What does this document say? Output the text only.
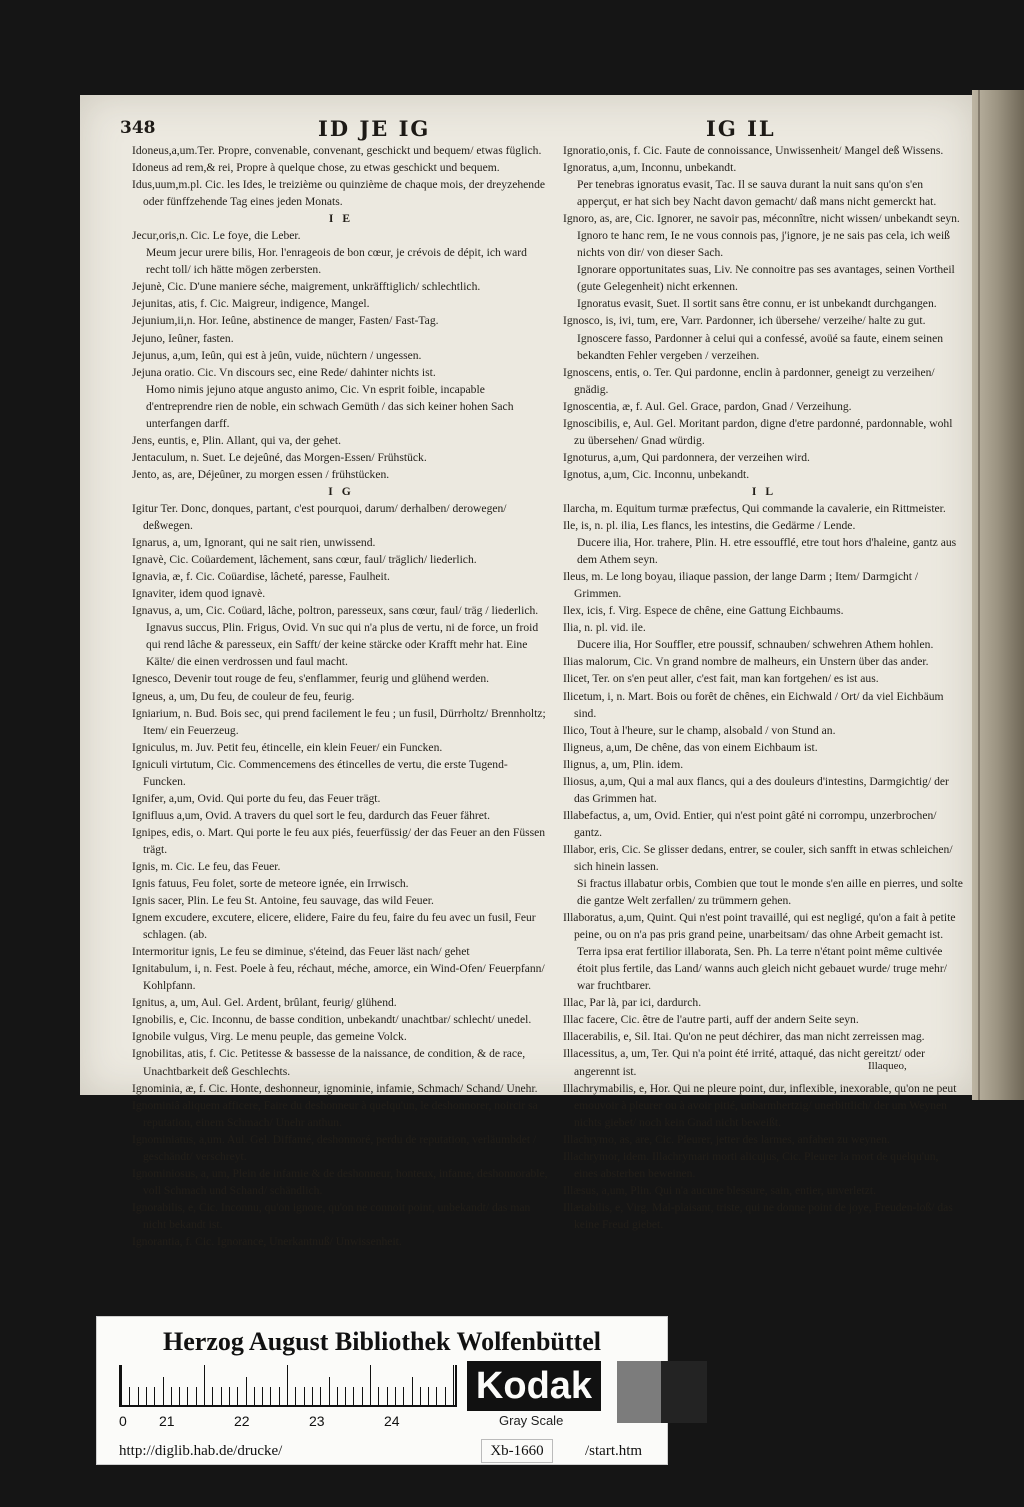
348	ID JE IG	IG IL

Idoneus,a,um.Ter. Propre, convenable, convenant, geschickt und bequem/ etwas füglich.

Idoneus ad rem,& rei, Propre à quelque chose, zu etwas geschickt und bequem.

Idus,uum,m.pl. Cic. les Ides, le treizième ou quinzième de chaque mois, der dreyzehende oder fünffzehende Tag eines jeden Monats.

I E

Jecur,oris,n. Cic. Le foye, die Leber.

Meum jecur urere bilis, Hor. l'enrageois de bon cœur, je crévois de dépit, ich ward recht toll/ ich hätte mögen zerbersten.

Jejunè, Cic. D'une maniere séche, maigrement, unkräfftiglich/ schlechtlich.

Jejunitas, atis, f. Cic. Maigreur, indigence, Mangel.

Jejunium,ii,n. Hor. Ieûne, abstinence de manger, Fasten/ Fast-Tag.

Jejuno, Ieûner, fasten.

Jejunus, a,um, Ieûn, qui est à jeûn, vuide, nüchtern / ungessen.

Jejuna oratio. Cic. Vn discours sec, eine Rede/ dahinter nichts ist.

Homo nimis jejuno atque angusto animo, Cic. Vn esprit foible, incapable d'entreprendre rien de noble, ein schwach Gemüth / das sich keiner hohen Sach unterfangen darff.

Jens, euntis, e, Plin. Allant, qui va, der gehet.

Jentaculum, n. Suet. Le dejeûné, das Morgen-Essen/ Frühstück.

Jento, as, are, Déjeûner, zu morgen essen / frühstücken.

I G

Igitur Ter. Donc, donques, partant, c'est pourquoi, darum/ derhalben/ derowegen/ deßwegen.

Ignarus, a, um, Ignorant, qui ne sait rien, unwissend.

Ignavè, Cic. Coüardement, lâchement, sans cœur, faul/ träglich/ liederlich.

Ignavia, æ, f. Cic. Coüardise, lâcheté, paresse, Faulheit.

Ignaviter, idem quod ignavè.

Ignavus, a, um, Cic. Coüard, lâche, poltron, paresseux, sans cœur, faul/ träg / liederlich.

Ignavus succus, Plin. Frigus, Ovid. Vn suc qui n'a plus de vertu, ni de force, un froid qui rend lâche & paresseux, ein Safft/ der keine stärcke oder Krafft mehr hat. Eine Kälte/ die einen verdrossen und faul macht.

Ignesco, Devenir tout rouge de feu, s'enflammer, feurig und glühend werden.

Igneus, a, um, Du feu, de couleur de feu, feurig.

Igniarium, n. Bud. Bois sec, qui prend facilement le feu ; un fusil, Dürrholtz/ Brennholtz; Item/ ein Feuerzeug.

Igniculus, m. Juv. Petit feu, étincelle, ein klein Feuer/ ein Funcken.

Igniculi virtutum, Cic. Commencemens des étincelles de vertu, die erste Tugend-Funcken.

Ignifer, a,um, Ovid. Qui porte du feu, das Feuer trägt.

Ignifluus a,um, Ovid. A travers du quel sort le feu, dardurch das Feuer fähret.

Ignipes, edis, o. Mart. Qui porte le feu aux piés, feuerfüssig/ der das Feuer an den Füssen trägt.

Ignis, m. Cic. Le feu, das Feuer.

Ignis fatuus, Feu folet, sorte de meteore ignée, ein Irrwisch.

Ignis sacer, Plin. Le feu St. Antoine, feu sauvage, das wild Feuer.

Ignem excudere, excutere, elicere, elidere, Faire du feu, faire du feu avec un fusil, Feur schlagen. (ab.

Intermoritur ignis, Le feu se diminue, s'éteind, das Feuer läst nach/ gehet

Ignitabulum, i, n. Fest. Poele à feu, réchaut, méche, amorce, ein Wind-Ofen/ Feuerpfann/ Kohlpfann.

Ignitus, a, um, Aul. Gel. Ardent, brûlant, feurig/ glühend.

Ignobilis, e, Cic. Inconnu, de basse condition, unbekandt/ unachtbar/ schlecht/ unedel.

Ignobile vulgus, Virg. Le menu peuple, das gemeine Volck.

Ignobilitas, atis, f. Cic. Petitesse & bassesse de la naissance, de condition, & de race, Unachtbarkeit deß Geschlechts.

Ignominia, æ, f. Cic. Honte, deshonneur, ignominie, infamie, Schmach/ Schand/ Unehr.

Ignominiâ aliquem afficere, Faire du deshonneur à quelqu'un, le deshonnorer, noircir sa reputation, einem Schmach/ Unehr anthun.

Ignominiatus, a,um. Aul. Gel. Diffamé, deshonnoré, perdu de reputation, verläumbdet / geschändt/ verschreyt.

Ignominiosus, a, um, Plein de infamie & de deshonneur, honteux, infame, deshonnorable, voll Schmach und Schand/ schändlich.

Ignorabilis, e, Cic. Inconnu, qu'on ignore, qu'on ne connoit point, unbekandt/ das man nicht bekandt ist.

Ignorantia, f. Cic. Ignorance, Unerkantnuß/ Unwissenheit.

Ignoratio,onis, f. Cic. Faute de connoissance, Unwissenheit/ Mangel deß Wissens.

Ignoratus, a,um, Inconnu, unbekandt.

Per tenebras ignoratus evasit, Tac. Il se sauva durant la nuit sans qu'on s'en apperçut, er hat sich bey Nacht davon gemacht/ daß mans nicht gemerckt hat.

Ignoro, as, are, Cic. Ignorer, ne savoir pas, méconnître, nicht wissen/ unbekandt seyn.

Ignoro te hanc rem, Ie ne vous connois pas, j'ignore, je ne sais pas cela, ich weiß nichts von dir/ von dieser Sach.

Ignorare opportunitates suas, Liv. Ne connoitre pas ses avantages, seinen Vortheil (gute Gelegenheit) nicht erkennen.

Ignoratus evasit, Suet. Il sortit sans être connu, er ist unbekandt durchgangen.

Ignosco, is, ivi, tum, ere, Varr. Pardonner, ich übersehe/ verzeihe/ halte zu gut.

Ignoscere fasso, Pardonner à celui qui a confessé, avoüé sa faute, einem seinen bekandten Fehler vergeben / verzeihen.

Ignoscens, entis, o. Ter. Qui pardonne, enclin à pardonner, geneigt zu verzeihen/ gnädig.

Ignoscentia, æ, f. Aul. Gel. Grace, pardon, Gnad / Verzeihung.

Ignoscibilis, e, Aul. Gel. Moritant pardon, digne d'etre pardonné, pardonnable, wohl zu übersehen/ Gnad würdig.

Ignoturus, a,um, Qui pardonnera, der verzeihen wird.

Ignotus, a,um, Cic. Inconnu, unbekandt.

I L

Ilarcha, m. Equitum turmæ præfectus, Qui commande la cavalerie, ein Rittmeister.

Ile, is, n. pl. ilia, Les flancs, les intestins, die Gedärme / Lende.

Ducere ilia, Hor. trahere, Plin. H. etre essoufflé, etre tout hors d'haleine, gantz aus dem Athem seyn.

Ileus, m. Le long boyau, iliaque passion, der lange Darm ; Item/ Darmgicht / Grimmen.

Ilex, icis, f. Virg. Espece de chêne, eine Gattung Eichbaums.

Ilia, n. pl. vid. ile.

Ducere ilia, Hor Souffler, etre poussif, schnauben/ schwehren Athem hohlen.

Ilias malorum, Cic. Vn grand nombre de malheurs, ein Unstern über das ander.

Ilicet, Ter. on s'en peut aller, c'est fait, man kan fortgehen/ es ist aus.

Ilicetum, i, n. Mart. Bois ou forêt de chênes, ein Eichwald / Ort/ da viel Eichbäum sind.

Ilico, Tout à l'heure, sur le champ, alsobald / von Stund an.

Iligneus, a,um, De chêne, das von einem Eichbaum ist.

Ilignus, a, um, Plin. idem.

Iliosus, a,um, Qui a mal aux flancs, qui a des douleurs d'intestins, Darmgichtig/ der das Grimmen hat.

Illabefactus, a, um, Ovid. Entier, qui n'est point gâté ni corrompu, unzerbrochen/ gantz.

Illabor, eris, Cic. Se glisser dedans, entrer, se couler, sich sanfft in etwas schleichen/ sich hinein lassen.

Si fractus illabatur orbis, Combien que tout le monde s'en aille en pierres, und solte die gantze Welt zerfallen/ zu trümmern gehen.

Illaboratus, a,um, Quint. Qui n'est point travaillé, qui est negligé, qu'on a fait à petite peine, ou on n'a pas pris grand peine, unarbeitsam/ das ohne Arbeit gemacht ist.

Terra ipsa erat fertilior illaborata, Sen. Ph. La terre n'étant point même cultivée étoit plus fertile, das Land/ wanns auch gleich nicht gebauet wurde/ truge mehr/ war fruchtbarer.

Illac, Par là, par ici, dardurch.

Illac facere, Cic. être de l'autre parti, auff der andern Seite seyn.

Illacerabilis, e, Sil. Itai. Qu'on ne peut déchirer, das man nicht zerreissen mag.

Illacessitus, a, um, Ter. Qui n'a point été irrité, attaqué, das nicht gereitzt/ oder angerennt ist.

Illachrymabilis, e, Hor. Qui ne pleure point, dur, inflexible, inexorable, qu'on ne peut emouvoir à pleurer ou à avoir pitié, unbarmhertzig/ unerbittlich/ der um Weynen nichts giebet/ noch kein Gnad nicht beweißt.

Illachrymo, as, are, Cic. Pleurer, jetter des larmes, anfahen zu weynen.

Illachrymor, idem. Illachrymari morti alicujus, Cic. Pleurer la mort de quelqu'un, eines absterben beweinen.

Illæsus, a,um, Plin. Qui n'a aucune blessure, sain, entier, unverletzt.

Illætabilis, e, Virg. Mal-plaisant, triste, qui ne donne point de joye, Freuden-loß/ das keine Freud giebet.

Illaqueo,
Herzog August Bibliothek Wolfenbüttel
0 21	22	23	24
Kodak
Gray Scale
http://diglib.hab.de/drucke/	Xb-1660	/start.htm
